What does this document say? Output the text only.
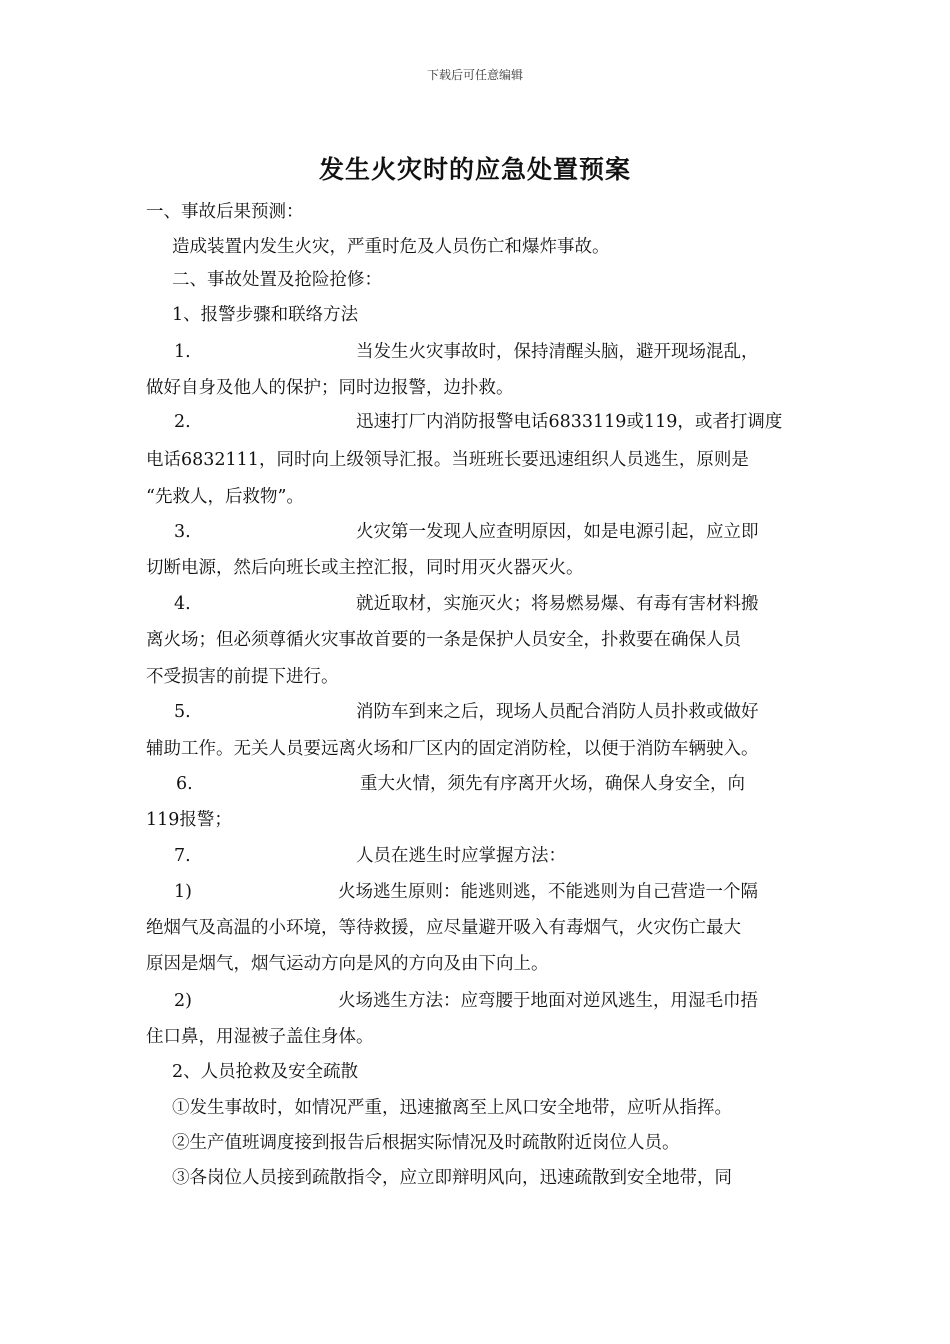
下载后可任意编辑
发生火灾时的应急处置预案
一、事故后果预测：
造成装置内发生火灾，严重时危及人员伤亡和爆炸事故。
二、事故处置及抢险抢修：
1、报警步骤和联络方法
1.	当发生火灾事故时，保持清醒头脑，避开现场混乱，
做好自身及他人的保护；同时边报警，边扑救。
2.	迅速打厂内消防报警电话6833119或119，或者打调度
电话6832111，同时向上级领导汇报。当班班长要迅速组织人员逃生，原则是
“先救人，后救物”。
3.	火灾第一发现人应查明原因，如是电源引起，应立即
切断电源，然后向班长或主控汇报，同时用灭火器灭火。
4.	就近取材，实施灭火；将易燃易爆、有毒有害材料搬
离火场；但必须尊循火灾事故首要的一条是保护人员安全，扑救要在确保人员
不受损害的前提下进行。
5.	消防车到来之后，现场人员配合消防人员扑救或做好
辅助工作。无关人员要远离火场和厂区内的固定消防栓，以便于消防车辆驶入。
6.	重大火情，须先有序离开火场，确保人身安全，向
119报警；
7.	人员在逃生时应掌握方法：
1)	火场逃生原则：能逃则逃，不能逃则为自己营造一个隔
绝烟气及高温的小环境，等待救援，应尽量避开吸入有毒烟气，火灾伤亡最大
原因是烟气，烟气运动方向是风的方向及由下向上。
2)	火场逃生方法：应弯腰于地面对逆风逃生，用湿毛巾捂
住口鼻，用湿被子盖住身体。
2、人员抢救及安全疏散
①发生事故时，如情况严重，迅速撤离至上风口安全地带，应听从指挥。
②生产值班调度接到报告后根据实际情况及时疏散附近岗位人员。
③各岗位人员接到疏散指令，应立即辩明风向，迅速疏散到安全地带，同
